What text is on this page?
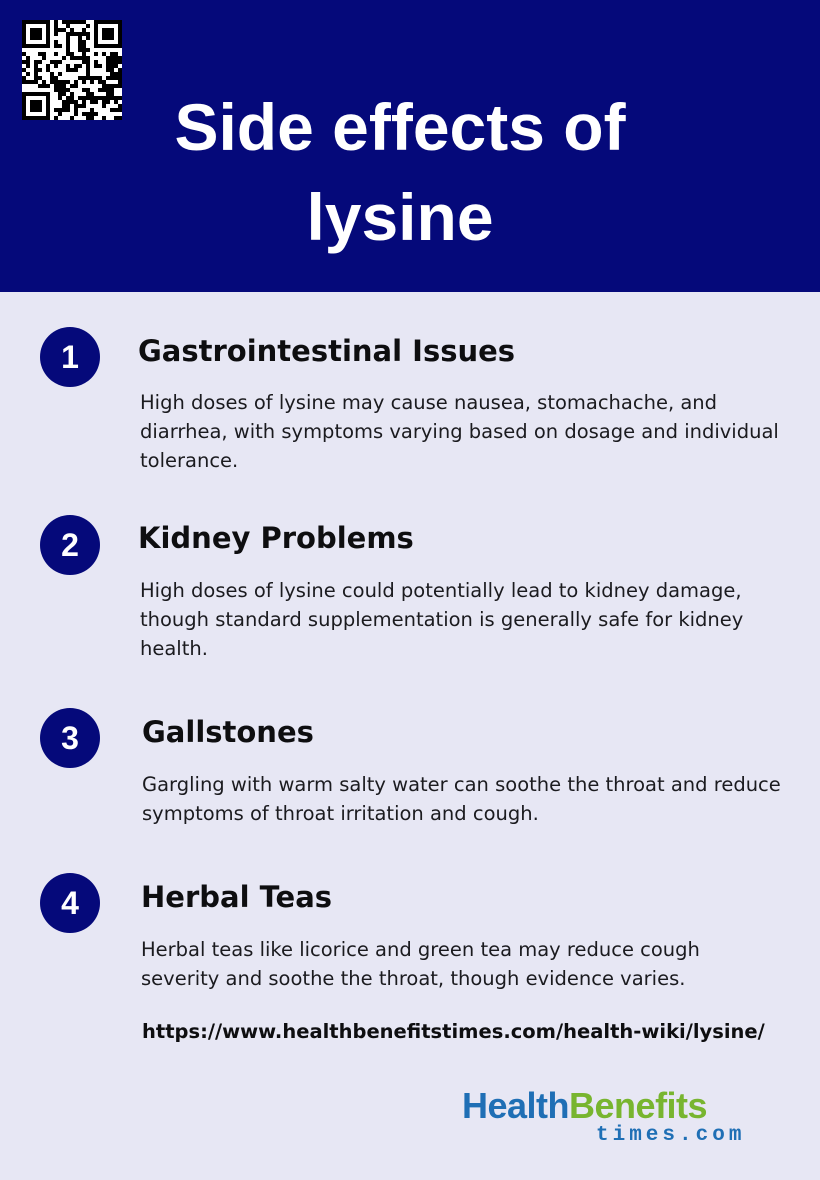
Side effects of
lysine
1	Gastrointestinal Issues
High doses of lysine may cause nausea, stomachache, and diarrhea, with symptoms varying based on dosage and individual tolerance.
2	Kidney Problems
High doses of lysine could potentially lead to kidney damage, though standard supplementation is generally safe for kidney health.
3	Gallstones
Gargling with warm salty water can soothe the throat and reduce symptoms of throat irritation and cough.
4	Herbal Teas
Herbal teas like licorice and green tea may reduce cough severity and soothe the throat, though evidence varies.
https://www.healthbenefitstimes.com/health-wiki/lysine/
HealthBenefits
times.com
